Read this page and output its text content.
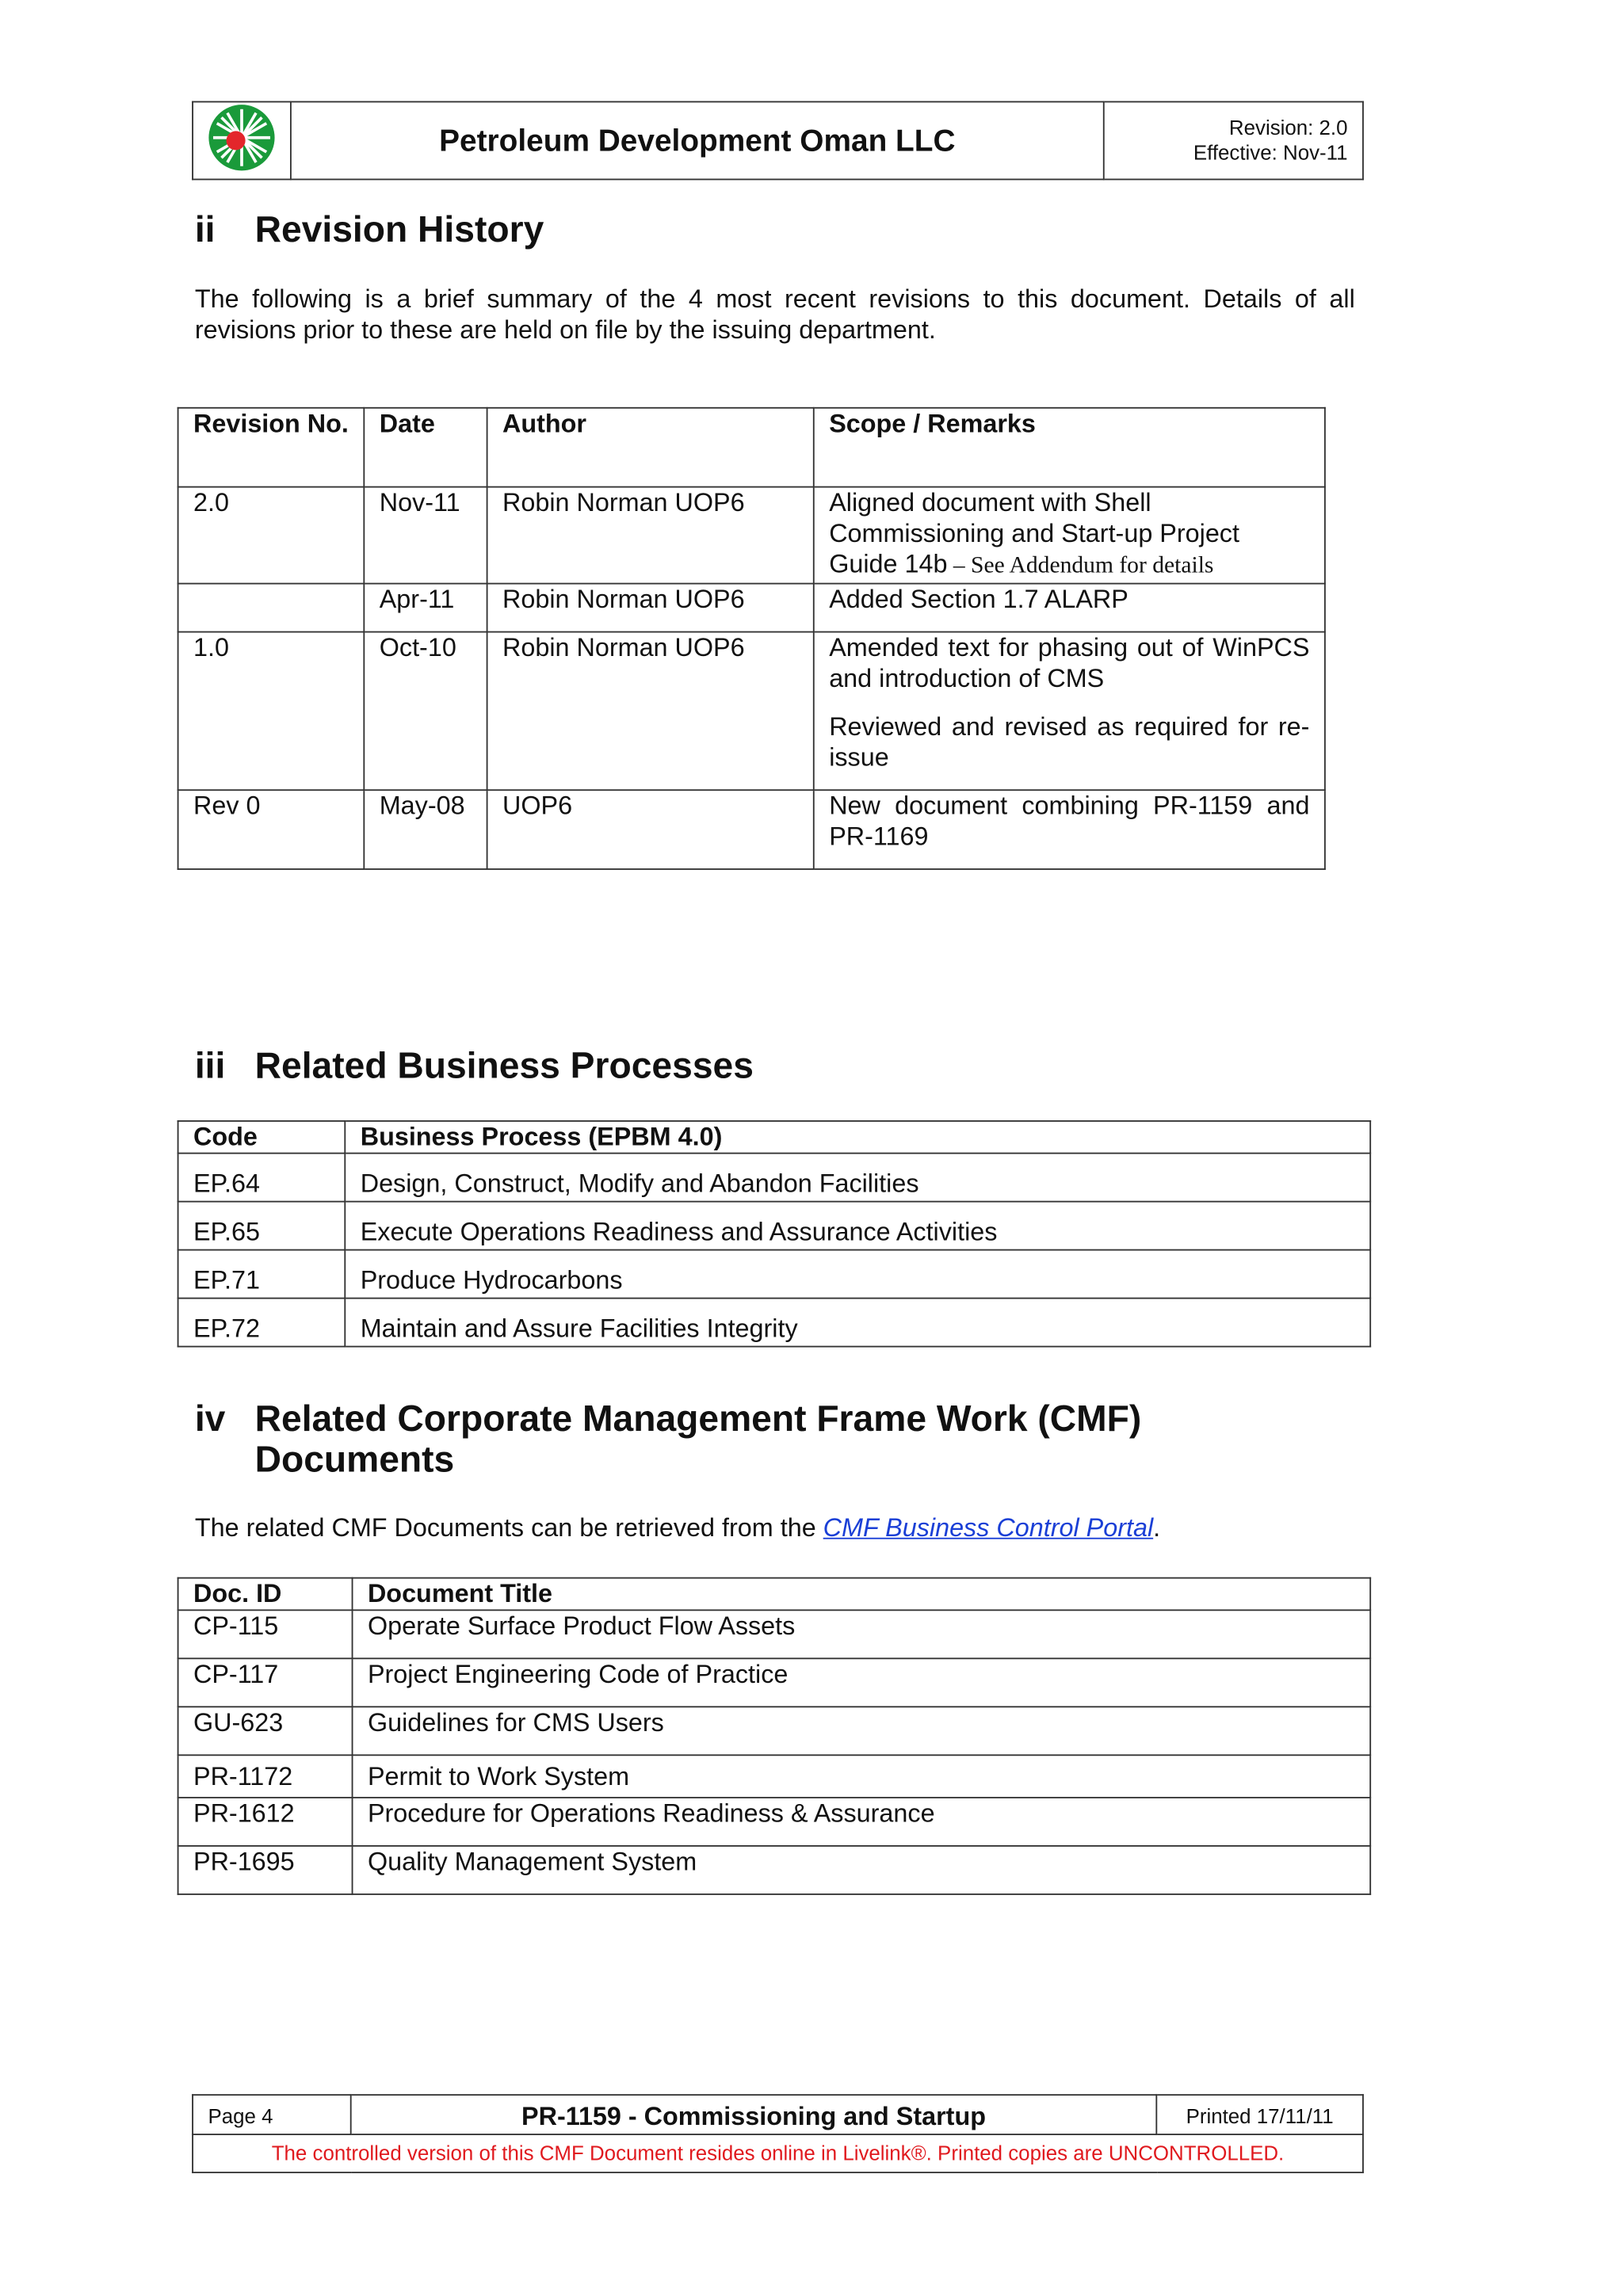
	Petroleum Development Oman LLC	Revision: 2.0
Effective: Nov-11
ii Revision History
The following is a brief summary of the 4 most recent revisions to this document. Details of all revisions prior to these are held on file by the issuing department.
Revision No.	Date	Author	Scope / Remarks
2.0	Nov-11	Robin Norman UOP6	Aligned document with Shell Commissioning and Start-up Project Guide 14b – See Addendum for details
	Apr-11	Robin Norman UOP6	Added Section 1.7 ALARP
1.0	Oct-10	Robin Norman UOP6	Amended text for phasing out of WinPCS and introduction of CMS
Reviewed and revised as required for re-issue

Rev 0	May-08	UOP6	New document combining PR-1159 and PR-1169
iii Related Business Processes
Code	Business Process (EPBM 4.0)
EP.64	Design, Construct, Modify and Abandon Facilities
EP.65	Execute Operations Readiness and Assurance Activities
EP.71	Produce Hydrocarbons
EP.72	Maintain and Assure Facilities Integrity
iv Related Corporate Management Frame Work (CMF)
Documents
The related CMF Documents can be retrieved from the CMF Business Control Portal.
Doc. ID	Document Title
CP-115	Operate Surface Product Flow Assets
CP-117	Project Engineering Code of Practice
GU-623	Guidelines for CMS Users
PR-1172	Permit to Work System
PR-1612	Procedure for Operations Readiness & Assurance
PR-1695	Quality Management System
Page 4	PR-1159 - Commissioning and Startup	Printed 17/11/11
The controlled version of this CMF Document resides online in Livelink®. Printed copies are UNCONTROLLED.
